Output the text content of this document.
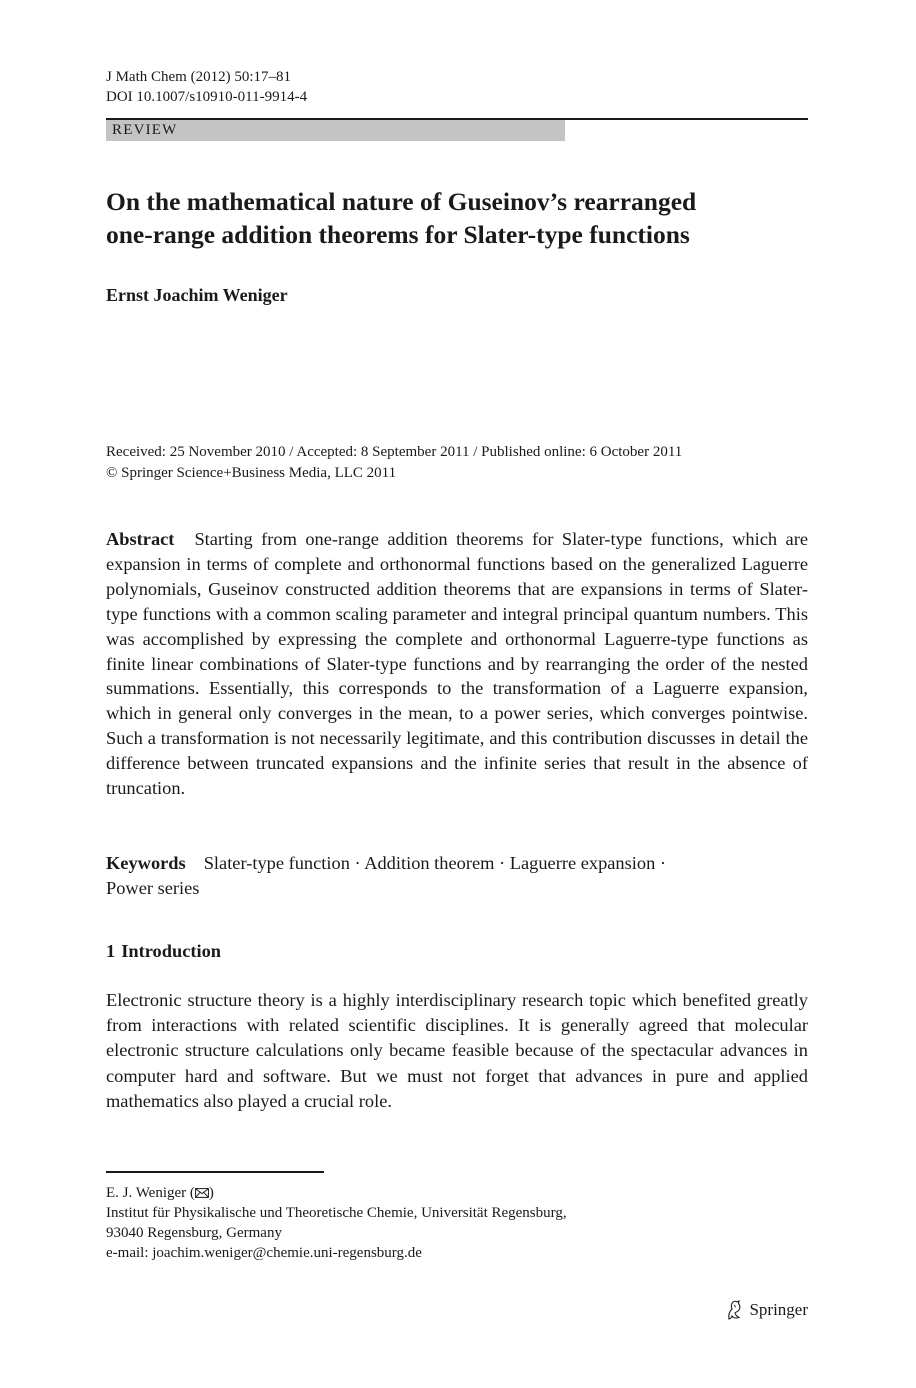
J Math Chem (2012) 50:17–81
DOI 10.1007/s10910-011-9914-4
REVIEW
On the mathematical nature of Guseinov’s rearranged
one-range addition theorems for Slater-type functions
Ernst Joachim Weniger
Received: 25 November 2010 / Accepted: 8 September 2011 / Published online: 6 October 2011
© Springer Science+Business Media, LLC 2011

Abstract Starting from one-range addition theorems for Slater-type functions, which are expansion in terms of complete and orthonormal functions based on the generalized Laguerre polynomials, Guseinov constructed addition theorems that are expansions in terms of Slater-type functions with a common scaling parameter and integral principal quantum numbers. This was accomplished by expressing the complete and orthonormal Laguerre-type functions as finite linear combinations of Slater-type functions and by rearranging the order of the nested summations. Essentially, this corresponds to the transformation of a Laguerre expansion, which in general only converges in the mean, to a power series, which converges pointwise. Such a transformation is not necessarily legitimate, and this contribution discusses in detail the difference between truncated expansions and the infinite series that result in the absence of truncation.

Keywords Slater-type function · Addition theorem · Laguerre expansion ·
Power series

1 Introduction

Electronic structure theory is a highly interdisciplinary research topic which benefited greatly from interactions with related scientific disciplines. It is generally agreed that molecular electronic structure calculations only became feasible because of the spectacular advances in computer hard and software. But we must not forget that advances in pure and applied mathematics also played a crucial role.

E. J. Weniger ( )
Institut für Physikalische und Theoretische Chemie, Universität Regensburg,
93040 Regensburg, Germany
e-mail: joachim.weniger@chemie.uni-regensburg.de
Springer
